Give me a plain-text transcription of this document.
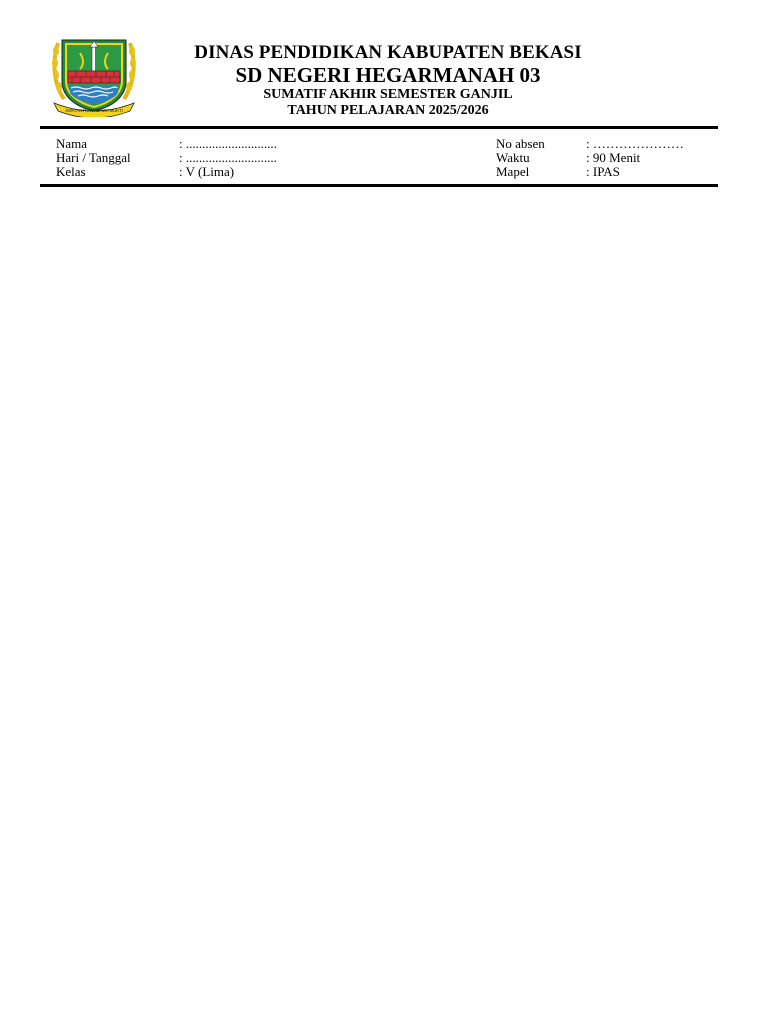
SWATANTRA WIBAWA MUKTI
DINAS PENDIDIKAN KABUPATEN BEKASI
SD NEGERI HEGARMANAH 03
SUMATIF AKHIR SEMESTER GANJIL
TAHUN PELAJARAN 2025/2026
Nama	: ............................	No absen	: …………………
Hari / Tanggal	: ............................	Waktu	: 90 Menit
Kelas	: V (Lima)	Mapel	: IPAS
